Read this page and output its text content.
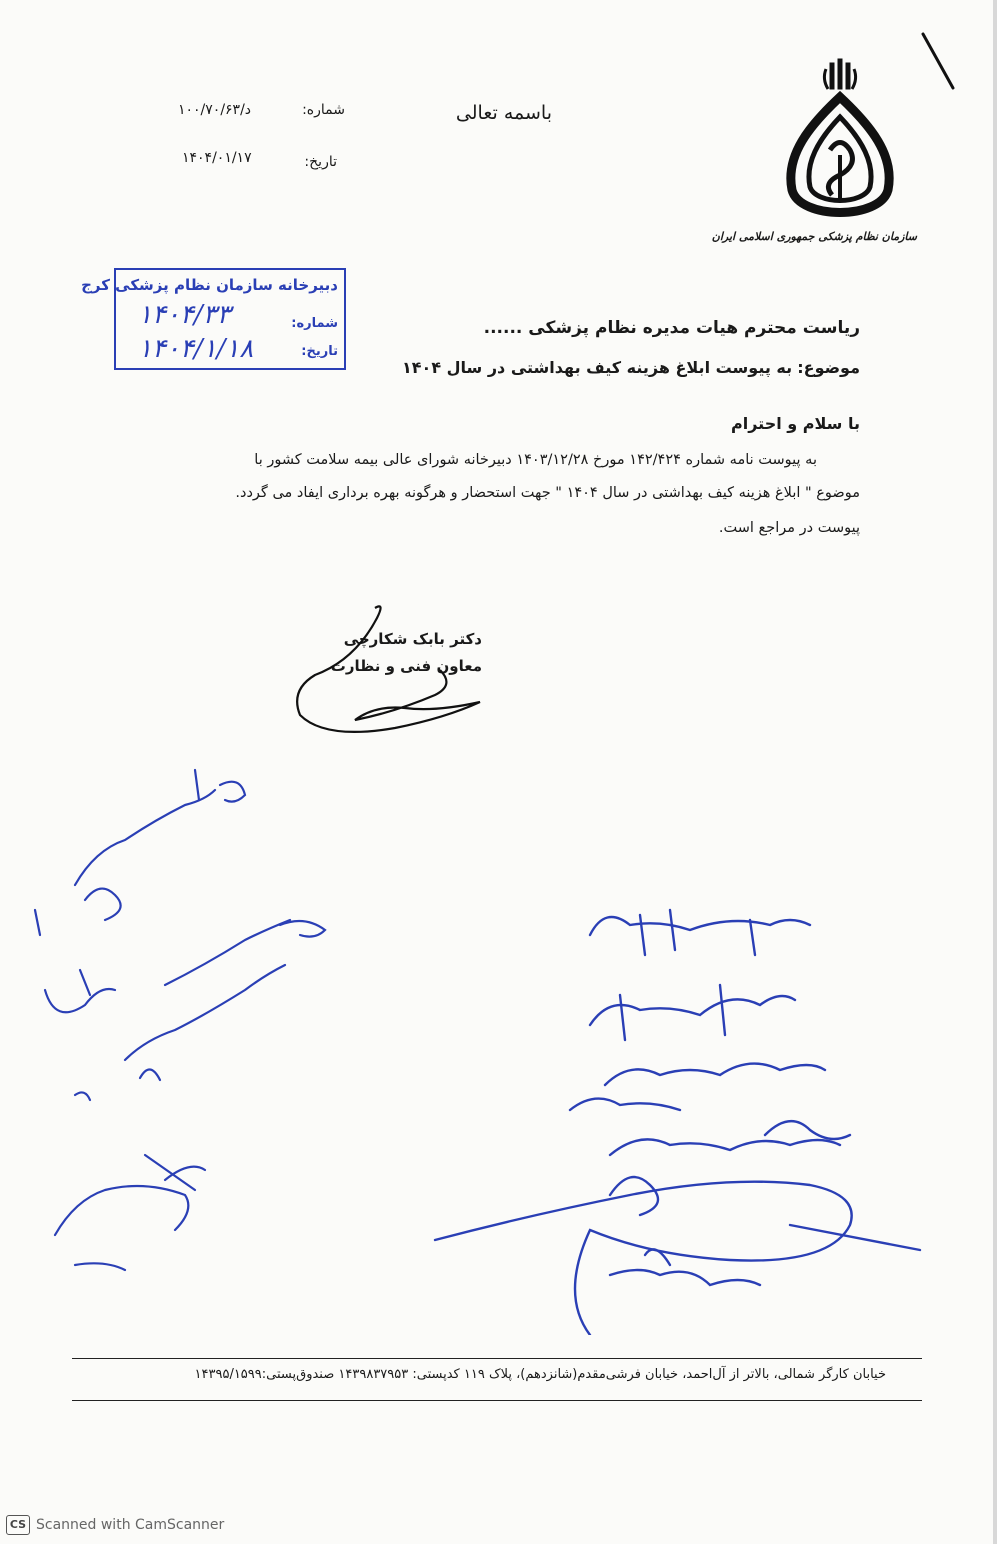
سازمان نظام پزشکی جمهوری اسلامی ایران
باسمه تعالی
شماره:
د/۱۰۰/۷۰/۶۳
تاریخ:
۱۴۰۴/۰۱/۱۷
دبیرخانه سازمان نظام پزشکی کرج
شماره:
۱۴۰۴/۳۳
تاریخ:
۱۴۰۴/۱/۱۸
ریاست محترم هیات مدیره نظام پزشکی ......
موضوع: به پیوست ابلاغ هزینه کیف بهداشتی در سال ۱۴۰۴
با سلام و احترام
به پیوست نامه شماره ۱۴۲/۴۲۴ مورخ ۱۴۰۳/۱۲/۲۸ دبیرخانه شورای عالی بیمه سلامت کشور با
موضوع " ابلاغ هزینه کیف بهداشتی در سال ۱۴۰۴ " جهت استحضار و هرگونه بهره برداری ایفاد می گردد.
پیوست در مراجع است.
دکتر بابک شکارچی
معاون فنی و نظارت
خیابان کارگر شمالی، بالاتر از آل‌احمد، خیابان فرشی‌مقدم(شانزدهم)، پلاک ۱۱۹ کدپستی: ۱۴۳۹۸۳۷۹۵۳ صندوق‌پستی:۱۴۳۹۵/۱۵۹۹
CS Scanned with CamScanner
